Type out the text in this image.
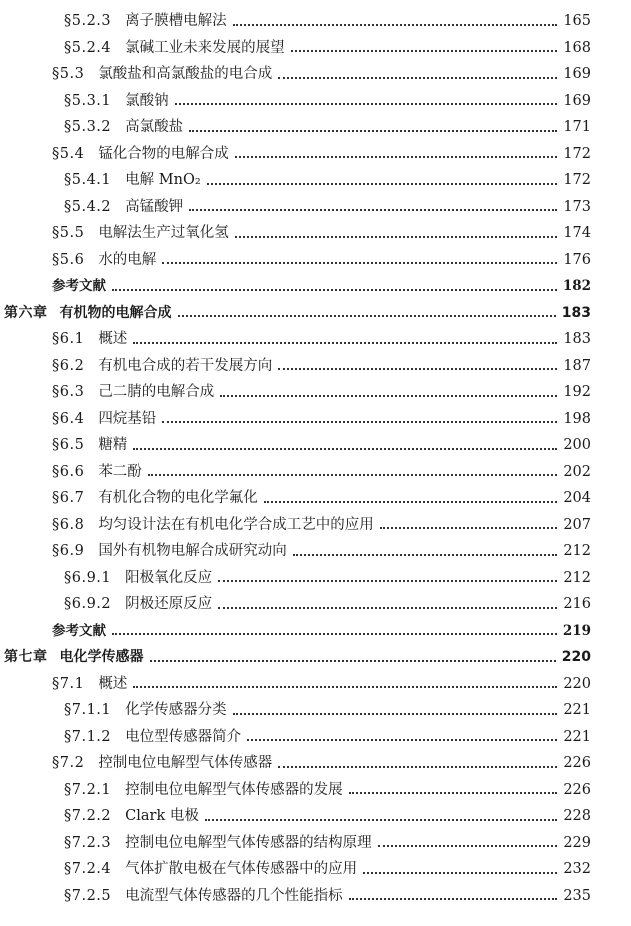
§5.2.3 离子膜槽电解法	165
§5.2.4 氯碱工业未来发展的展望	168
§5.3 氯酸盐和高氯酸盐的电合成	169
§5.3.1 氯酸钠	169
§5.3.2 高氯酸盐	171
§5.4 锰化合物的电解合成	172
§5.4.1 电解 MnO₂	172
§5.4.2 高锰酸钾	173
§5.5 电解法生产过氧化氢	174
§5.6 水的电解	176
参考文献	182
第六章 有机物的电解合成	183
§6.1 概述	183
§6.2 有机电合成的若干发展方向	187
§6.3 己二腈的电解合成	192
§6.4 四烷基铅	198
§6.5 糖精	200
§6.6 苯二酚	202
§6.7 有机化合物的电化学氟化	204
§6.8 均匀设计法在有机电化学合成工艺中的应用	207
§6.9 国外有机物电解合成研究动向	212
§6.9.1 阳极氧化反应	212
§6.9.2 阴极还原反应	216
参考文献	219
第七章 电化学传感器	220
§7.1 概述	220
§7.1.1 化学传感器分类	221
§7.1.2 电位型传感器简介	221
§7.2 控制电位电解型气体传感器	226
§7.2.1 控制电位电解型气体传感器的发展	226
§7.2.2 Clark 电极	228
§7.2.3 控制电位电解型气体传感器的结构原理	229
§7.2.4 气体扩散电极在气体传感器中的应用	232
§7.2.5 电流型气体传感器的几个性能指标	235
